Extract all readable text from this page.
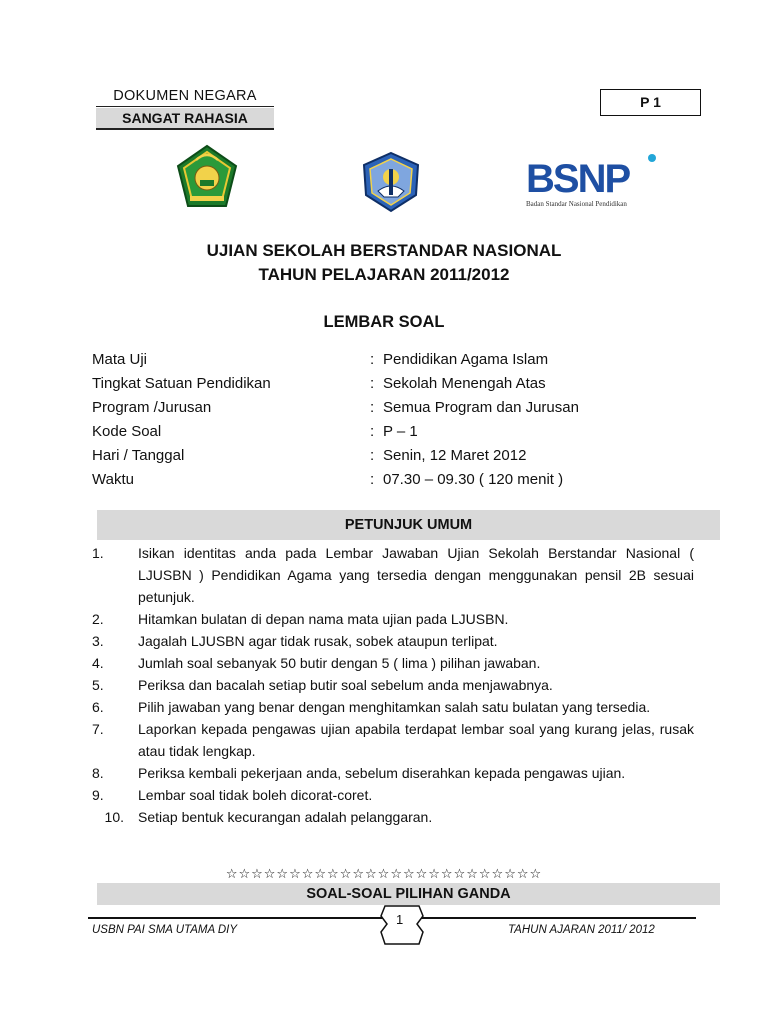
DOKUMEN NEGARA
SANGAT RAHASIA
P 1
BSNP
Badan Standar Nasional Pendidikan
UJIAN SEKOLAH BERSTANDAR NASIONAL
TAHUN PELAJARAN 2011/2012
LEMBAR SOAL
Mata Uji	: Pendidikan Agama Islam
Tingkat Satuan Pendidikan	: Sekolah Menengah Atas
Program /Jurusan	: Semua Program dan Jurusan
Kode Soal	: P – 1
Hari / Tanggal	: Senin, 12 Maret 2012
Waktu	: 07.30 – 09.30 ( 120 menit )
PETUNJUK UMUM
1.	Isikan identitas anda pada Lembar Jawaban Ujian Sekolah Berstandar Nasional ( LJUSBN ) Pendidikan Agama yang tersedia dengan menggunakan pensil 2B sesuai petunjuk.
2.	Hitamkan bulatan di depan nama mata ujian pada LJUSBN.
3.	Jagalah LJUSBN agar tidak rusak, sobek ataupun terlipat.
4.	Jumlah soal sebanyak 50 butir dengan 5 ( lima ) pilihan jawaban.
5.	Periksa dan bacalah setiap butir soal sebelum anda menjawabnya.
6.	Pilih jawaban yang benar dengan menghitamkan salah satu bulatan yang tersedia.
7.	Laporkan kepada pengawas ujian apabila terdapat lembar soal yang kurang jelas, rusak atau tidak lengkap.
8.	Periksa kembali pekerjaan anda, sebelum diserahkan kepada pengawas ujian.
9.	Lembar soal tidak boleh dicorat-coret.
10.	Setiap bentuk kecurangan adalah pelanggaran.
☆☆☆☆☆☆☆☆☆☆☆☆☆☆☆☆☆☆☆☆☆☆☆☆☆
SOAL-SOAL PILIHAN GANDA
1
USBN PAI SMA UTAMA DIY	TAHUN AJARAN 2011/ 2012
